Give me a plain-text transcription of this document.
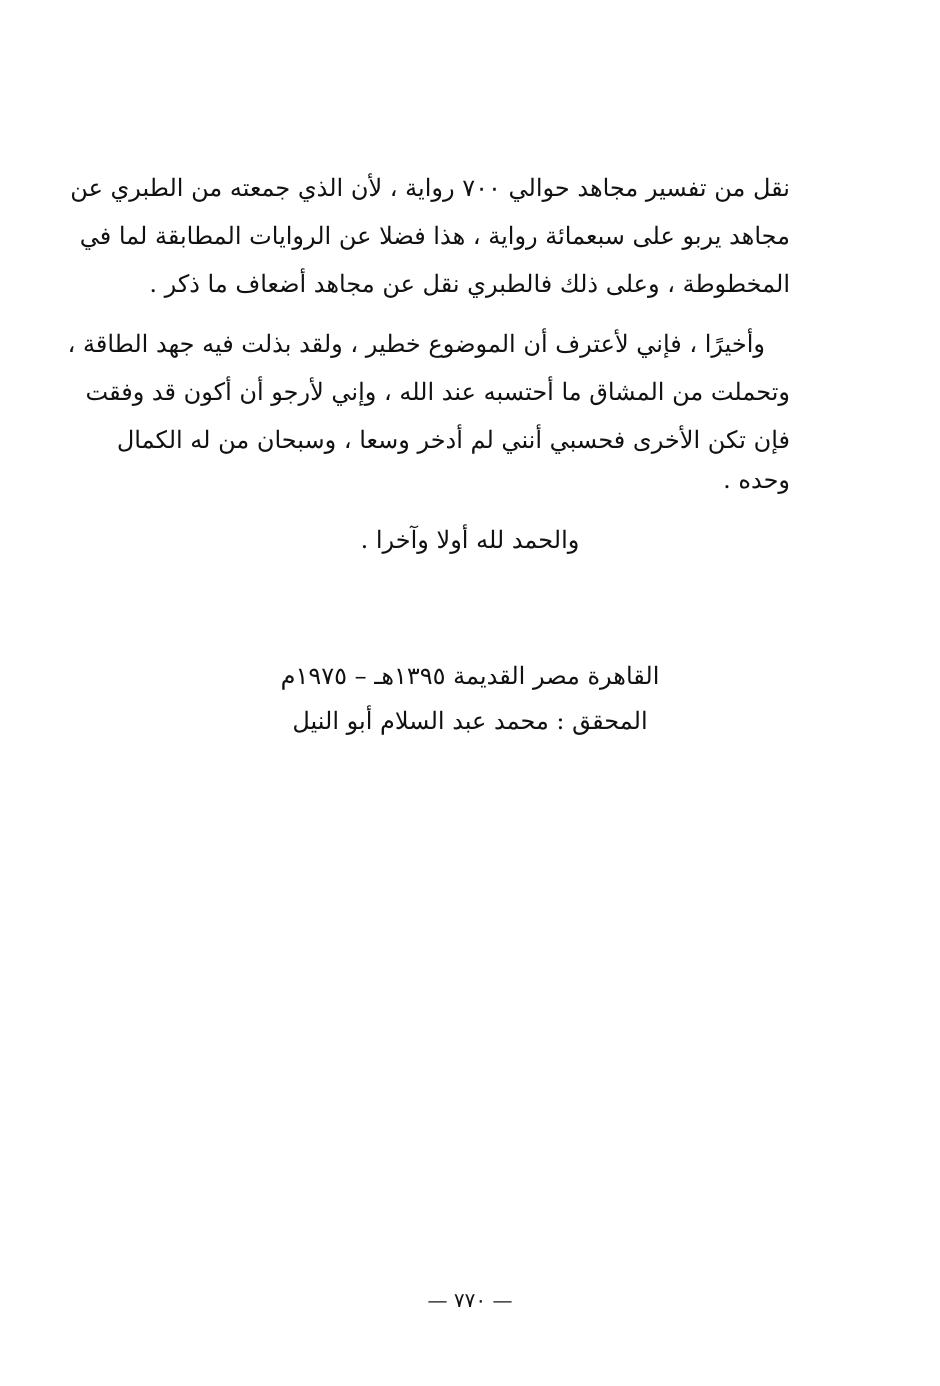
نقل من تفسير مجاهد حوالي ٧٠٠ رواية ، لأن الذي جمعته من الطبري عن
مجاهد يربو على سبعمائة رواية ، هذا فضلا عن الروايات المطابقة لما في
المخطوطة ، وعلى ذلك فالطبري نقل عن مجاهد أضعاف ما ذكر .
وأخيرًا ، فإني لأعترف أن الموضوع خطير ، ولقد بذلت فيه جهد الطاقة ،
وتحملت من المشاق ما أحتسبه عند الله ، وإني لأرجو أن أكون قد وفقت
فإن تكن الأخرى فحسبي أنني لم أدخر وسعا ، وسبحان من له الكمال
وحده .
والحمد لله أولا وآخرا .
القاهرة مصر القديمة ١٣٩٥هـ – ١٩٧٥م
المحقق : محمد عبد السلام أبو النيل
— ٧٧٠ —
